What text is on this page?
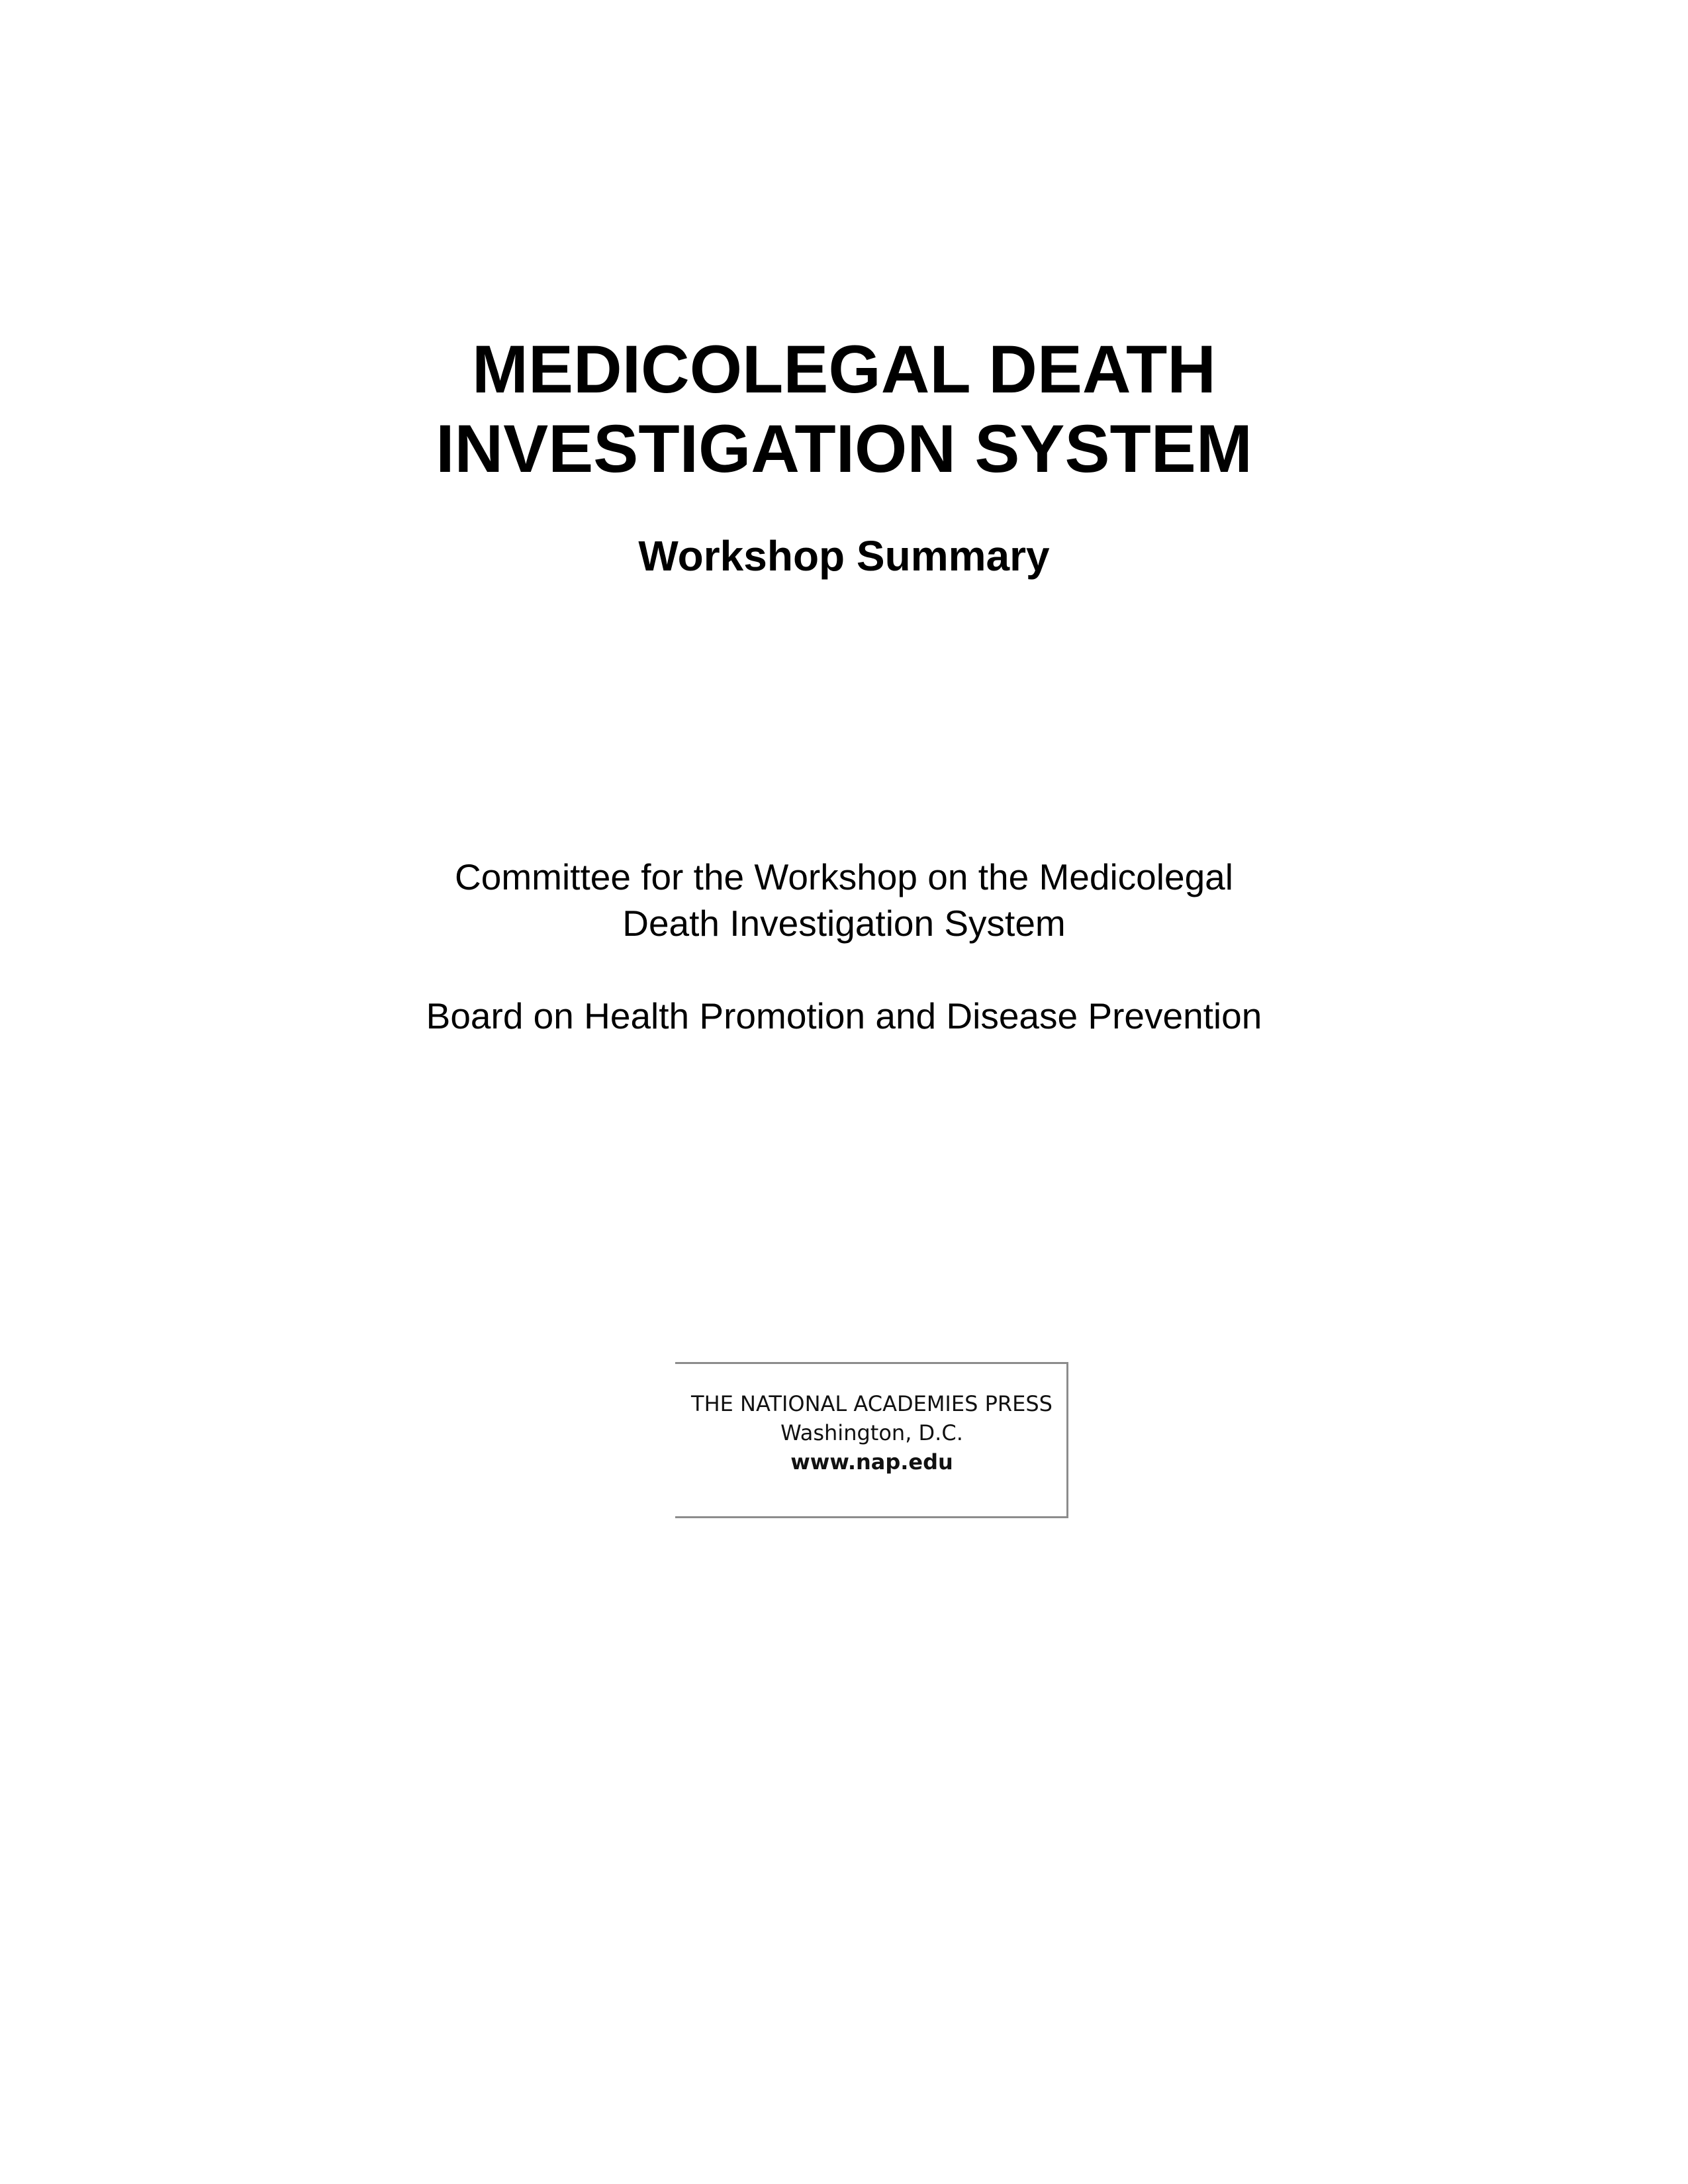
MEDICOLEGAL DEATH
INVESTIGATION SYSTEM
Workshop Summary
Committee for the Workshop on the Medicolegal
Death Investigation System
Board on Health Promotion and Disease Prevention
THE NATIONAL ACADEMIES PRESS
Washington, D.C.
www.nap.edu
